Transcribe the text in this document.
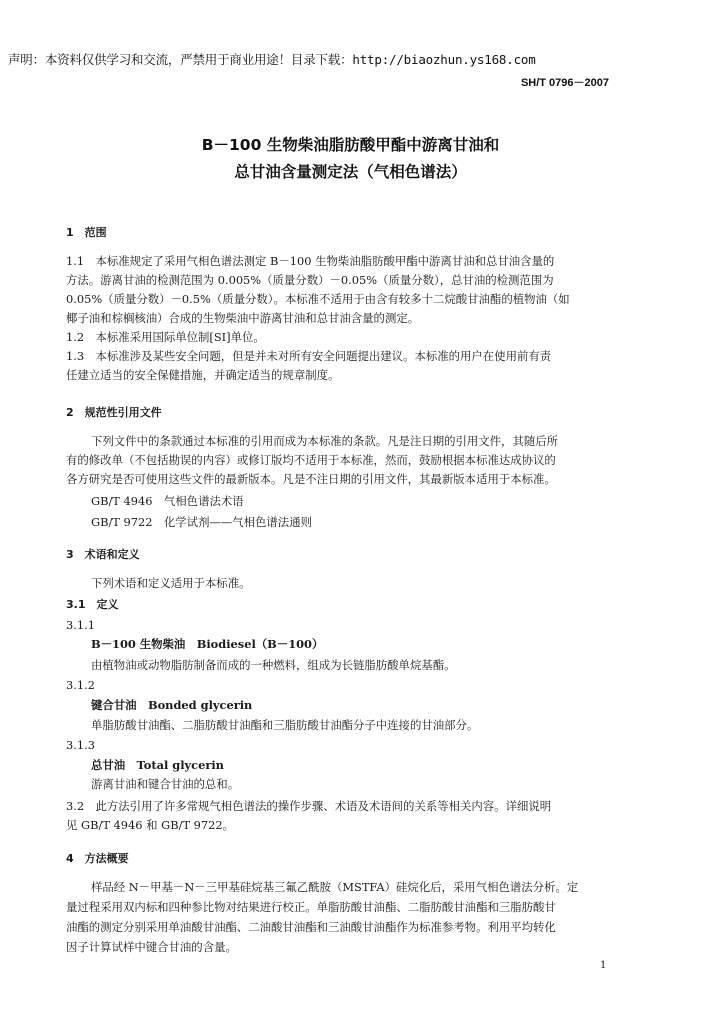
声明：本资料仅供学习和交流，严禁用于商业用途！目录下载：http://biaozhun.ys168.com
SH/T 0796－2007
B－100 生物柴油脂肪酸甲酯中游离甘油和
总甘油含量测定法（气相色谱法）
1　范围
1.1　本标准规定了采用气相色谱法测定 B－100 生物柴油脂肪酸甲酯中游离甘油和总甘油含量的
方法。游离甘油的检测范围为 0.005%（质量分数）－0.05%（质量分数），总甘油的检测范围为
0.05%（质量分数）－0.5%（质量分数）。本标准不适用于由含有较多十二烷酸甘油酯的植物油（如
椰子油和棕榈核油）合成的生物柴油中游离甘油和总甘油含量的测定。
1.2　本标准采用国际单位制[SI]单位。
1.3　本标准涉及某些安全问题，但是并未对所有安全问题提出建议。本标准的用户在使用前有责
任建立适当的安全保健措施，并确定适当的规章制度。
2　规范性引用文件
下列文件中的条款通过本标准的引用而成为本标准的条款。凡是注日期的引用文件，其随后所
有的修改单（不包括勘误的内容）或修订版均不适用于本标准，然而，鼓励根据本标准达成协议的
各方研究是否可使用这些文件的最新版本。凡是不注日期的引用文件，其最新版本适用于本标准。
GB/T 4946　气相色谱法术语
GB/T 9722　化学试剂——气相色谱法通则
3　术语和定义
下列术语和定义适用于本标准。
3.1　定义
3.1.1
B－100 生物柴油　Biodiesel（B－100）
由植物油或动物脂肪制备而成的一种燃料，组成为长链脂肪酸单烷基酯。
3.1.2
键合甘油　Bonded glycerin
单脂肪酸甘油酯、二脂肪酸甘油酯和三脂肪酸甘油酯分子中连接的甘油部分。
3.1.3
总甘油　Total glycerin
游离甘油和键合甘油的总和。
3.2　此方法引用了许多常规气相色谱法的操作步骤、术语及术语间的关系等相关内容。详细说明
见 GB/T 4946 和 GB/T 9722。
4　方法概要
样品经 N－甲基－N－三甲基硅烷基三氟乙酰胺（MSTFA）硅烷化后，采用气相色谱法分析。定
量过程采用双内标和四种参比物对结果进行校正。单脂肪酸甘油酯、二脂肪酸甘油酯和三脂肪酸甘
油酯的测定分别采用单油酸甘油酯、二油酸甘油酯和三油酸甘油酯作为标准参考物。利用平均转化
因子计算试样中键合甘油的含量。
1
